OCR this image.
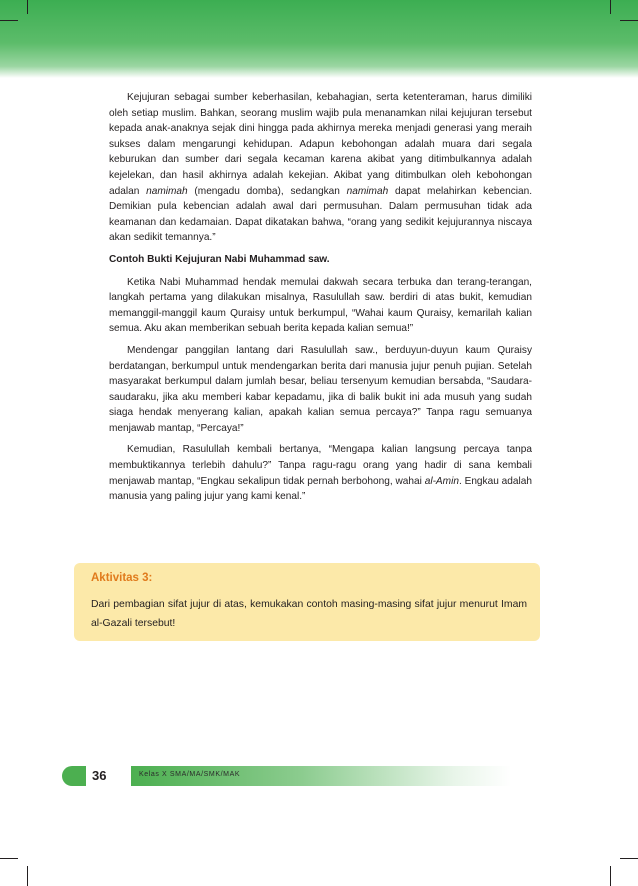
Kejujuran sebagai sumber keberhasilan, kebahagian, serta ketenteraman, harus dimiliki oleh setiap muslim. Bahkan, seorang muslim wajib pula menanamkan nilai kejujuran tersebut kepada anak-anaknya sejak dini hingga pada akhirnya mereka menjadi generasi yang meraih sukses dalam mengarungi kehidupan. Adapun kebohongan adalah muara dari segala keburukan dan sumber dari segala kecaman karena akibat yang ditimbulkannya adalah kejelekan, dan hasil akhirnya adalah kekejian. Akibat yang ditimbulkan oleh kebohongan adalan namimah (mengadu domba), sedangkan namimah dapat melahirkan kebencian. Demikian pula kebencian adalah awal dari permusuhan. Dalam permusuhan tidak ada keamanan dan kedamaian. Dapat dikatakan bahwa, “orang yang sedikit kejujurannya niscaya akan sedikit temannya.”

Contoh Bukti Kejujuran Nabi Muhammad saw.

Ketika Nabi Muhammad hendak memulai dakwah secara terbuka dan terang-terangan, langkah pertama yang dilakukan misalnya, Rasulullah saw. berdiri di atas bukit, kemudian memanggil-manggil kaum Quraisy untuk berkumpul, “Wahai kaum Quraisy, kemarilah kalian semua. Aku akan memberikan sebuah berita kepada kalian semua!”

Mendengar panggilan lantang dari Rasulullah saw., berduyun-duyun kaum Quraisy berdatangan, berkumpul untuk mendengarkan berita dari manusia jujur penuh pujian. Setelah masyarakat berkumpul dalam jumlah besar, beliau tersenyum kemudian bersabda, “Saudara-saudaraku, jika aku memberi kabar kepadamu, jika di balik bukit ini ada musuh yang sudah siaga hendak menyerang kalian, apakah kalian semua percaya?” Tanpa ragu semuanya menjawab mantap, “Percaya!”

Kemudian, Rasulullah kembali bertanya, “Mengapa kalian langsung percaya tanpa membuktikannya terlebih dahulu?” Tanpa ragu-ragu orang yang hadir di sana kembali menjawab mantap, “Engkau sekalipun tidak pernah berbohong, wahai al-Amin. Engkau adalah manusia yang paling jujur yang kami kenal.”

Aktivitas 3:
Dari pembagian sifat jujur di atas, kemukakan contoh masing-masing sifat jujur menurut Imam al-Gazali tersebut!
36	Kelas X SMA/MA/SMK/MAK
